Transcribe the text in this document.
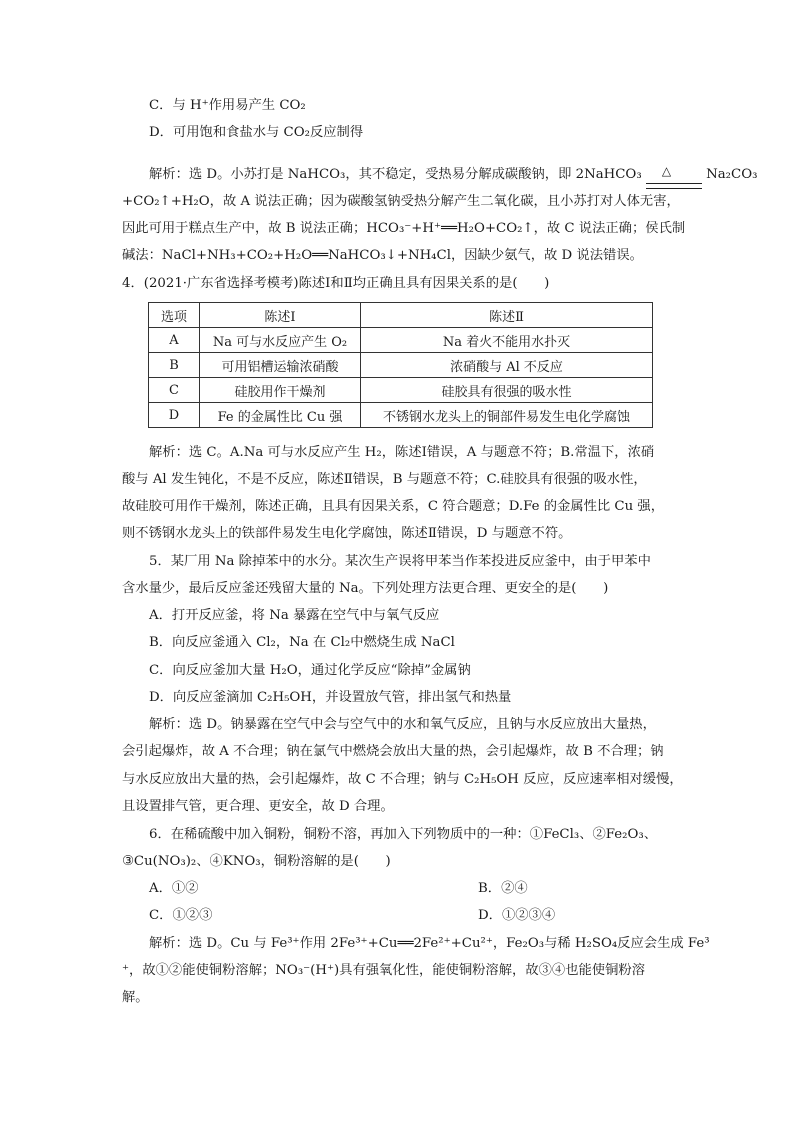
C．与 H⁺作用易产生 CO₂
D．可用饱和食盐水与 CO₂反应制得
解析：选 D。小苏打是 NaHCO₃，其不稳定，受热易分解成碳酸钠，即 2NaHCO₃ △	Na₂CO₃
+CO₂↑+H₂O，故 A 说法正确；因为碳酸氢钠受热分解产生二氧化碳，且小苏打对人体无害，
因此可用于糕点生产中，故 B 说法正确；HCO₃⁻+H⁺══H₂O+CO₂↑，故 C 说法正确；侯氏制
碱法：NaCl+NH₃+CO₂+H₂O══NaHCO₃↓+NH₄Cl，因缺少氨气，故 D 说法错误。
4．(2021·广东省选择考模考)陈述Ⅰ和Ⅱ均正确且具有因果关系的是(　　)
选项	陈述Ⅰ	陈述Ⅱ
A	Na 可与水反应产生 O₂	Na 着火不能用水扑灭
B	可用铝槽运输浓硝酸	浓硝酸与 Al 不反应
C	硅胶用作干燥剂	硅胶具有很强的吸水性
D	Fe 的金属性比 Cu 强	不锈钢水龙头上的铜部件易发生电化学腐蚀
解析：选 C。A.Na 可与水反应产生 H₂，陈述Ⅰ错误，A 与题意不符；B.常温下，浓硝
酸与 Al 发生钝化，不是不反应，陈述Ⅱ错误，B 与题意不符；C.硅胶具有很强的吸水性，
故硅胶可用作干燥剂，陈述正确，且具有因果关系，C 符合题意；D.Fe 的金属性比 Cu 强，
则不锈钢水龙头上的铁部件易发生电化学腐蚀，陈述Ⅱ错误，D 与题意不符。
5．某厂用 Na 除掉苯中的水分。某次生产误将甲苯当作苯投进反应釜中，由于甲苯中
含水量少，最后反应釜还残留大量的 Na。下列处理方法更合理、更安全的是(　　)
A．打开反应釜，将 Na 暴露在空气中与氧气反应
B．向反应釜通入 Cl₂，Na 在 Cl₂中燃烧生成 NaCl
C．向反应釜加大量 H₂O，通过化学反应“除掉”金属钠
D．向反应釜滴加 C₂H₅OH，并设置放气管，排出氢气和热量
解析：选 D。钠暴露在空气中会与空气中的水和氧气反应，且钠与水反应放出大量热，
会引起爆炸，故 A 不合理；钠在氯气中燃烧会放出大量的热，会引起爆炸，故 B 不合理；钠
与水反应放出大量的热，会引起爆炸，故 C 不合理；钠与 C₂H₅OH 反应，反应速率相对缓慢，
且设置排气管，更合理、更安全，故 D 合理。
6．在稀硫酸中加入铜粉，铜粉不溶，再加入下列物质中的一种：①FeCl₃、②Fe₂O₃、
③Cu(NO₃)₂、④KNO₃，铜粉溶解的是(　　)
A．①②	B．②④
C．①②③	D．①②③④
解析：选 D。Cu 与 Fe³⁺作用 2Fe³⁺+Cu══2Fe²⁺+Cu²⁺，Fe₂O₃与稀 H₂SO₄反应会生成 Fe³
⁺，故①②能使铜粉溶解；NO₃⁻(H⁺)具有强氧化性，能使铜粉溶解，故③④也能使铜粉溶
解。
